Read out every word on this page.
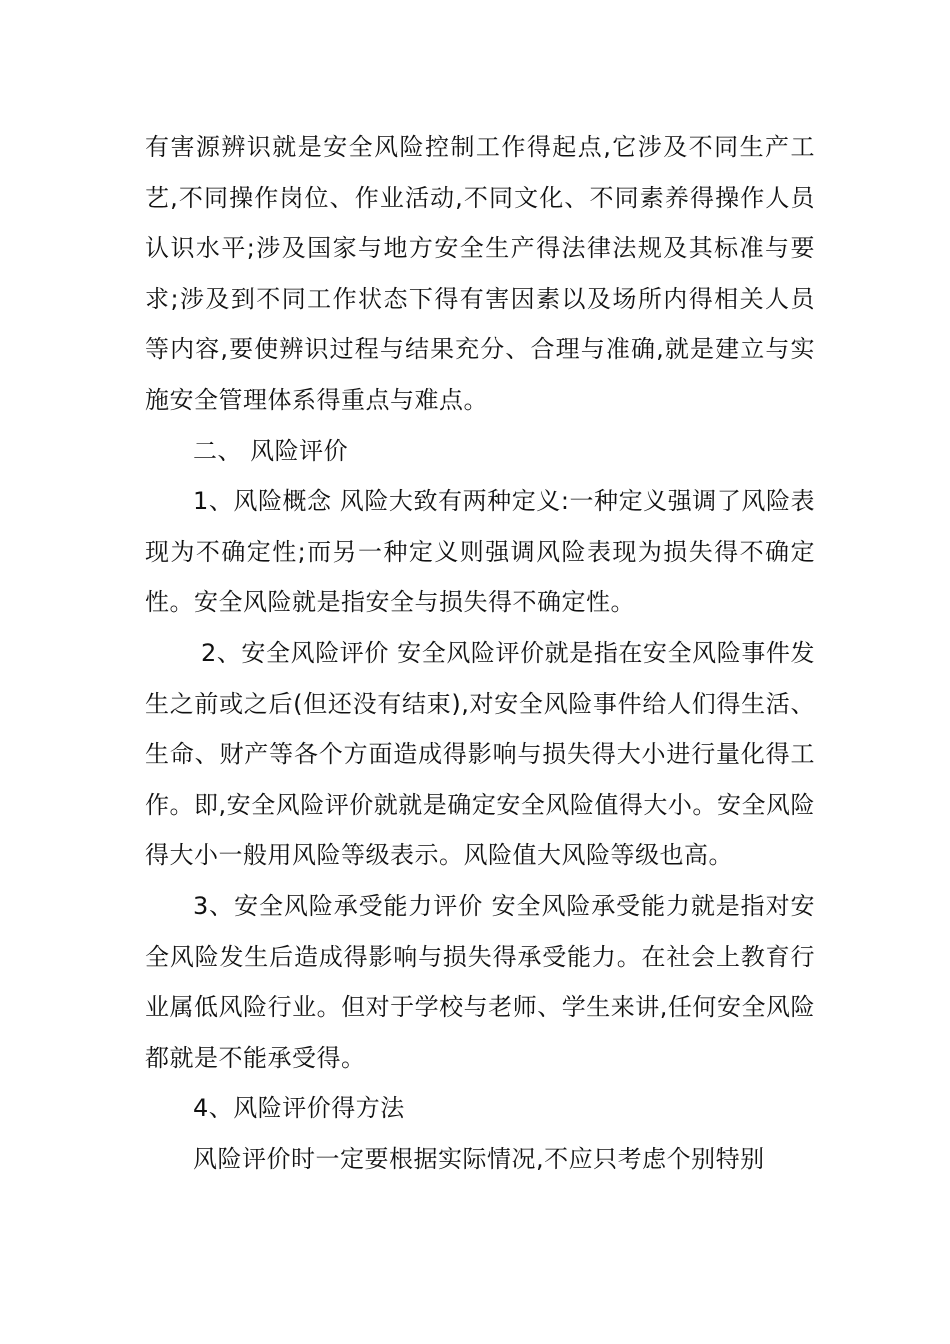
有害源辨识就是安全风险控制工作得起点,它涉及不同生产工艺,不同操作岗位、作业活动,不同文化、不同素养得操作人员认识水平;涉及国家与地方安全生产得法律法规及其标准与要求;涉及到不同工作状态下得有害因素以及场所内得相关人员等内容,要使辨识过程与结果充分、合理与准确,就是建立与实施安全管理体系得重点与难点。

二、 风险评价

1、风险概念 风险大致有两种定义:一种定义强调了风险表现为不确定性;而另一种定义则强调风险表现为损失得不确定性。安全风险就是指安全与损失得不确定性。

2、安全风险评价 安全风险评价就是指在安全风险事件发生之前或之后(但还没有结束),对安全风险事件给人们得生活、生命、财产等各个方面造成得影响与损失得大小进行量化得工作。即,安全风险评价就就是确定安全风险值得大小。安全风险得大小一般用风险等级表示。风险值大风险等级也高。

3、安全风险承受能力评价 安全风险承受能力就是指对安全风险发生后造成得影响与损失得承受能力。在社会上教育行业属低风险行业。但对于学校与老师、学生来讲,任何安全风险都就是不能承受得。

4、风险评价得方法

风险评价时一定要根据实际情况,不应只考虑个别特别
